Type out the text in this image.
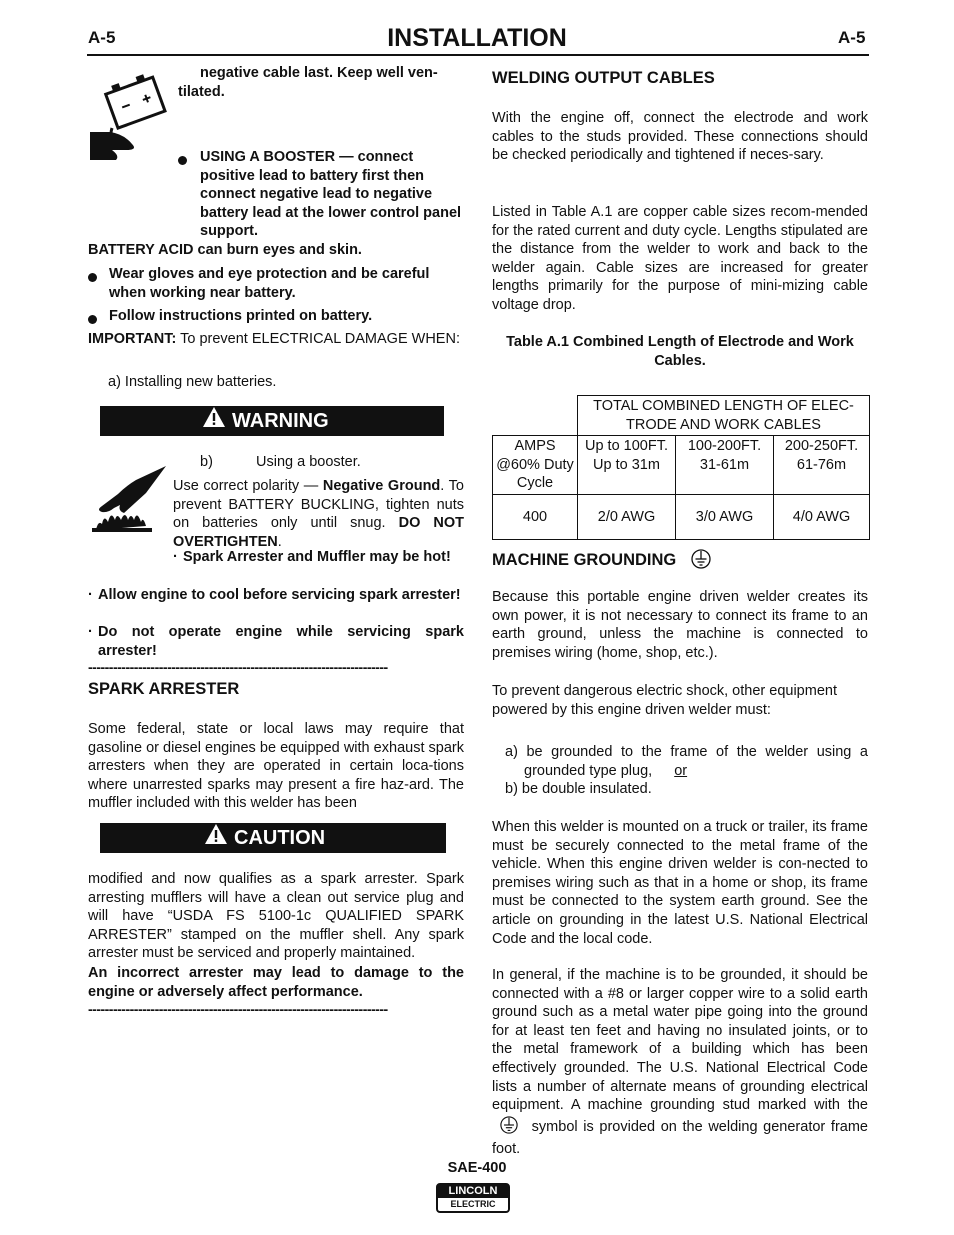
A-5	A-5
INSTALLATION
negative cable last. Keep well ven-tilated.
USING A BOOSTER — connect positive lead to battery first then connect negative lead to negative battery lead at the lower control panel support.
BATTERY ACID can burn eyes and skin.
Wear gloves and eye protection and be careful when working near battery.
Follow instructions printed on battery.
IMPORTANT: To prevent ELECTRICAL DAMAGE WHEN:
a) Installing new batteries.
WARNING
b)	Using a booster.
Use correct polarity — Negative Ground. To prevent BATTERY BUCKLING, tighten nuts on batteries only until snug. DO NOT OVERTIGHTEN.
· Spark Arrester and Muffler may be hot!
· Allow engine to cool before servicing spark arrester!
· Do not operate engine while servicing spark arrester!
------------------------------------------------------------------------
SPARK ARRESTER
Some federal, state or local laws may require that gasoline or diesel engines be equipped with exhaust spark arresters when they are operated in certain loca-tions where unarrested sparks may present a fire haz-ard. The muffler included with this welder has been
CAUTION
modified and now qualifies as a spark arrester. Spark arresting mufflers will have a clean out service plug and will have “USDA FS 5100-1c QUALIFIED SPARK ARRESTER” stamped on the muffler shell. Any spark arrester must be serviced and properly maintained.
An incorrect arrester may lead to damage to the engine or adversely affect performance.
------------------------------------------------------------------------
WELDING OUTPUT CABLES
With the engine off, connect the electrode and work cables to the studs provided. These connections should be checked periodically and tightened if neces-sary.
Listed in Table A.1 are copper cable sizes recom-mended for the rated current and duty cycle. Lengths stipulated are the distance from the welder to work and back to the welder again. Cable sizes are increased for greater lengths primarily for the purpose of mini-mizing cable voltage drop.
Table A.1 Combined Length of Electrode and Work Cables.
	TOTAL COMBINED LENGTH OF ELEC-TRODE AND WORK CABLES		
AMPS @60% Duty Cycle	Up to 100FT. Up to 31m	100-200FT. 31-61m	200-250FT. 61-76m
400	2/0 AWG	3/0 AWG	4/0 AWG
MACHINE GROUNDING
Because this portable engine driven welder creates its own power, it is not necessary to connect its frame to an earth ground, unless the machine is connected to premises wiring (home, shop, etc.).
To prevent dangerous electric shock, other equipment powered by this engine driven welder must:
a) be grounded to the frame of the welder using a grounded type plug, or
b) be double insulated.
When this welder is mounted on a truck or trailer, its frame must be securely connected to the metal frame of the vehicle. When this engine driven welder is con-nected to premises wiring such as that in a home or shop, its frame must be connected to the system earth ground. See the article on grounding in the latest U.S. National Electrical Code and the local code.
In general, if the machine is to be grounded, it should be connected with a #8 or larger copper wire to a solid earth ground such as a metal water pipe going into the ground for at least ten feet and having no insulated joints, or to the metal framework of a building which has been effectively grounded. The U.S. National Electrical Code lists a number of alternate means of grounding electrical equipment. A machine grounding stud marked with the  symbol is provided on the welding generator frame foot.
SAE-400
LINCOLN
ELECTRIC
